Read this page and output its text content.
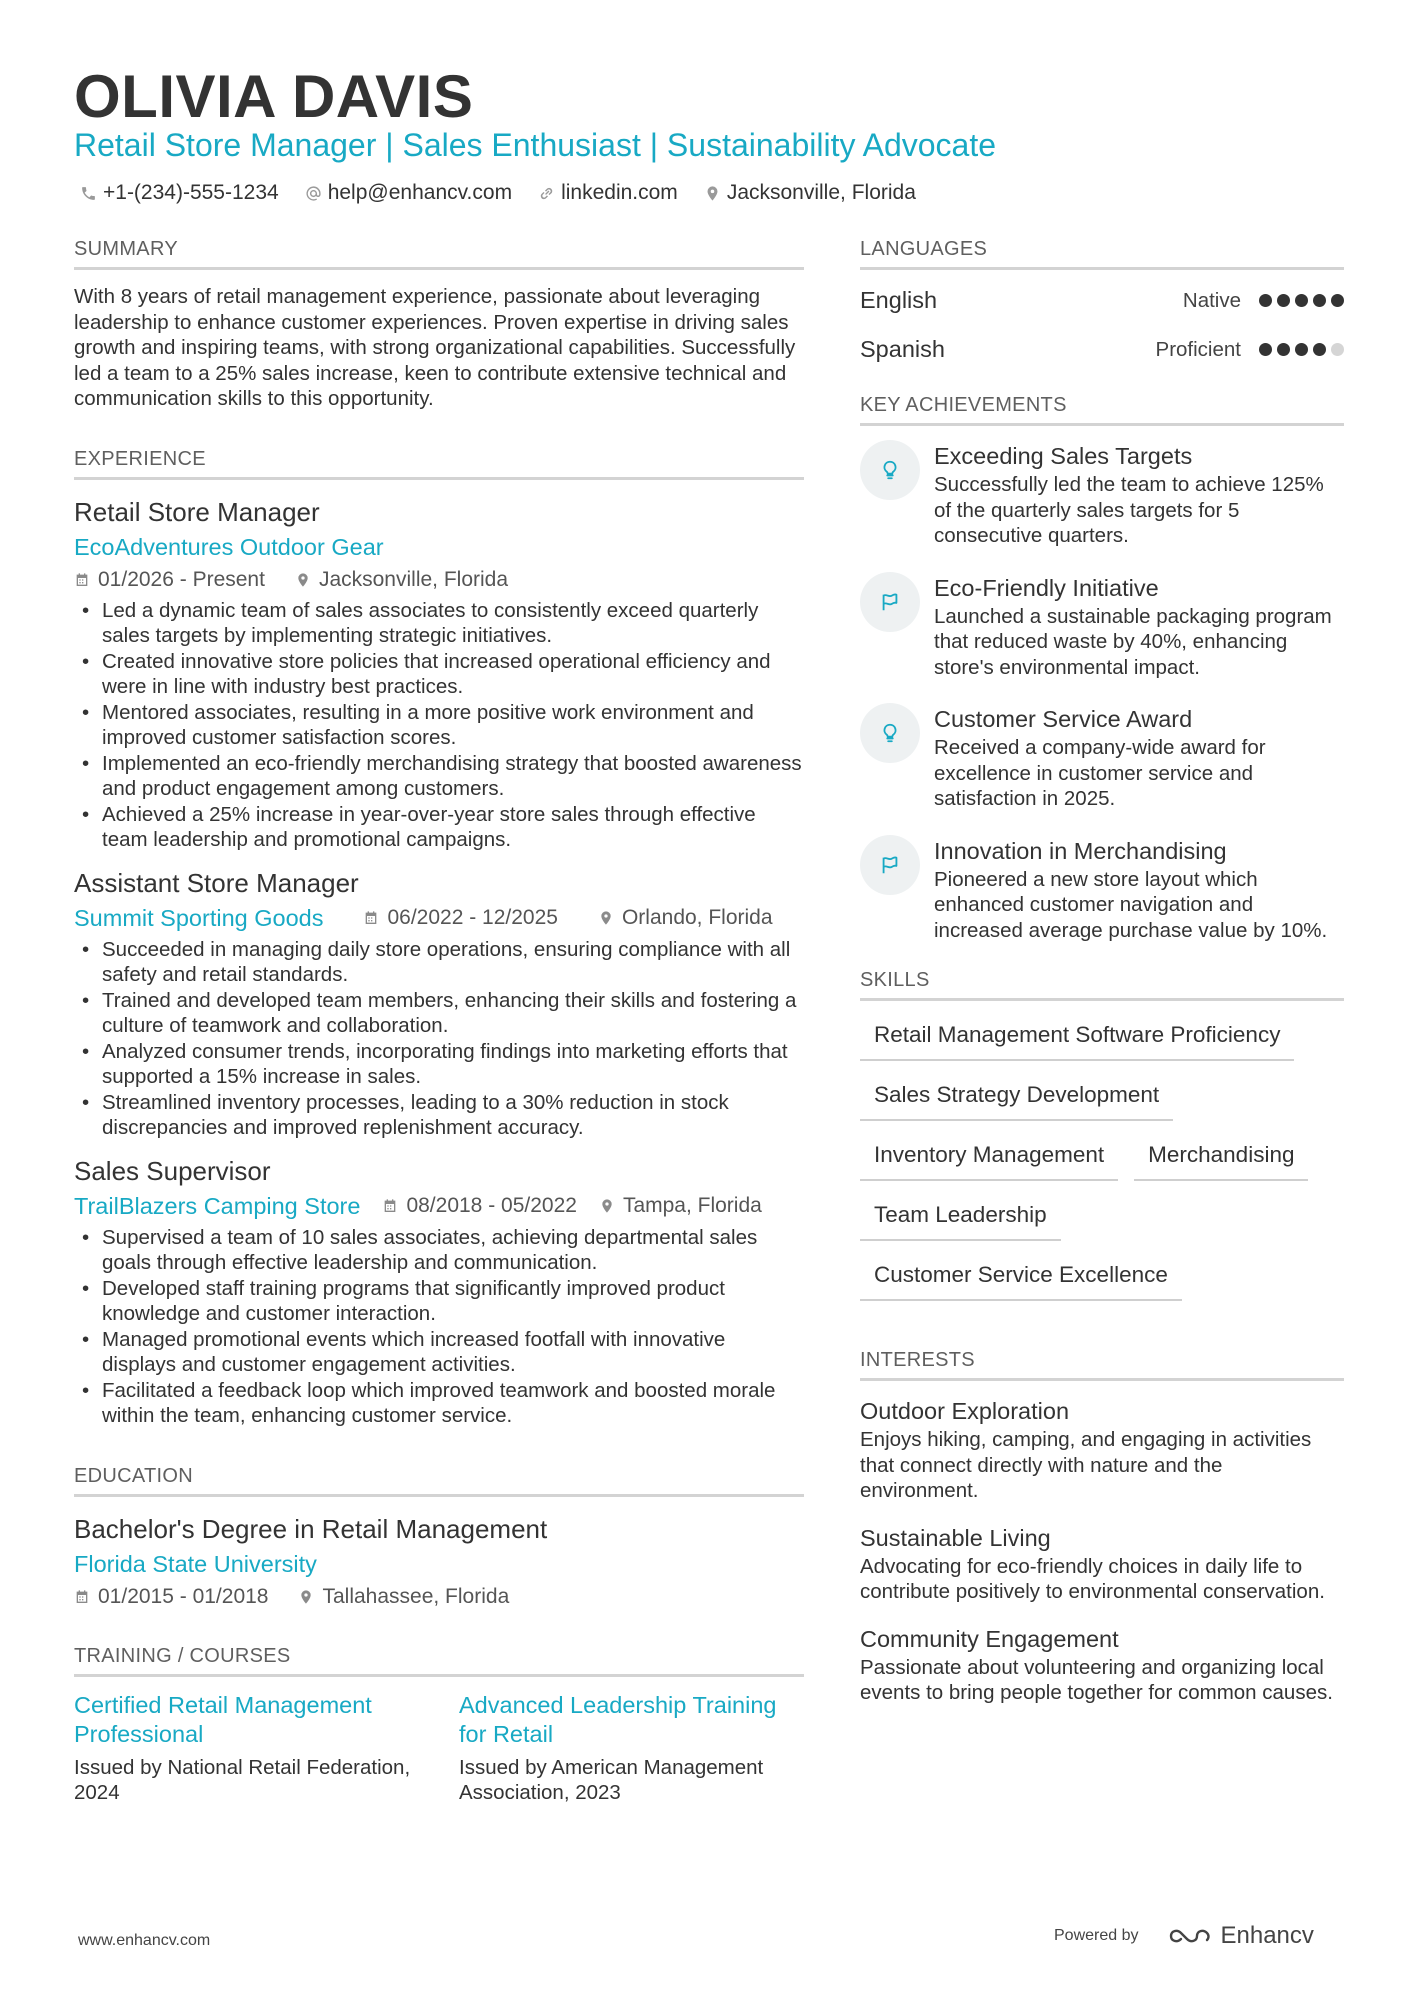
OLIVIA DAVIS
Retail Store Manager | Sales Enthusiast | Sustainability Advocate
+1-(234)-555-1234 help@enhancv.com linkedin.com Jacksonville, Florida
SUMMARY
With 8 years of retail management experience, passionate about leveraging leadership to enhance customer experiences. Proven expertise in driving sales growth and inspiring teams, with strong organizational capabilities. Successfully led a team to a 25% sales increase, keen to contribute extensive technical and communication skills to this opportunity.
EXPERIENCE
Retail Store Manager
EcoAdventures Outdoor Gear
01/2026 - Present	Jacksonville, Florida
• Led a dynamic team of sales associates to consistently exceed quarterly sales targets by implementing strategic initiatives.
• Created innovative store policies that increased operational efficiency and were in line with industry best practices.
• Mentored associates, resulting in a more positive work environment and improved customer satisfaction scores.
• Implemented an eco-friendly merchandising strategy that boosted awareness and product engagement among customers.
• Achieved a 25% increase in year-over-year store sales through effective team leadership and promotional campaigns.
Assistant Store Manager
Summit Sporting Goods	06/2022 - 12/2025	Orlando, Florida
• Succeeded in managing daily store operations, ensuring compliance with all safety and retail standards.
• Trained and developed team members, enhancing their skills and fostering a culture of teamwork and collaboration.
• Analyzed consumer trends, incorporating findings into marketing efforts that supported a 15% increase in sales.
• Streamlined inventory processes, leading to a 30% reduction in stock discrepancies and improved replenishment accuracy.
Sales Supervisor
TrailBlazers Camping Store 08/2018 - 05/2022 Tampa, Florida
• Supervised a team of 10 sales associates, achieving departmental sales goals through effective leadership and communication.
• Developed staff training programs that significantly improved product knowledge and customer interaction.
• Managed promotional events which increased footfall with innovative displays and customer engagement activities.
• Facilitated a feedback loop which improved teamwork and boosted morale within the team, enhancing customer service.
EDUCATION
Bachelor's Degree in Retail Management
Florida State University
01/2015 - 01/2018	Tallahassee, Florida
TRAINING / COURSES
Certified Retail Management Professional
Issued by National Retail Federation, 2024
Advanced Leadership Training for Retail
Issued by American Management Association, 2023
LANGUAGES
English	Native
Spanish	Proficient
KEY ACHIEVEMENTS
Exceeding Sales Targets
Successfully led the team to achieve 125% of the quarterly sales targets for 5 consecutive quarters.
Eco-Friendly Initiative
Launched a sustainable packaging program that reduced waste by 40%, enhancing store's environmental impact.
Customer Service Award
Received a company-wide award for excellence in customer service and satisfaction in 2025.
Innovation in Merchandising
Pioneered a new store layout which enhanced customer navigation and increased average purchase value by 10%.
SKILLS
Retail Management Software Proficiency
Sales Strategy Development
Inventory Management	Merchandising
Team Leadership
Customer Service Excellence
INTERESTS
Outdoor Exploration
Enjoys hiking, camping, and engaging in activities that connect directly with nature and the environment.
Sustainable Living
Advocating for eco-friendly choices in daily life to contribute positively to environmental conservation.
Community Engagement
Passionate about volunteering and organizing local events to bring people together for common causes.
www.enhancv.com	Powered by	Enhancv
